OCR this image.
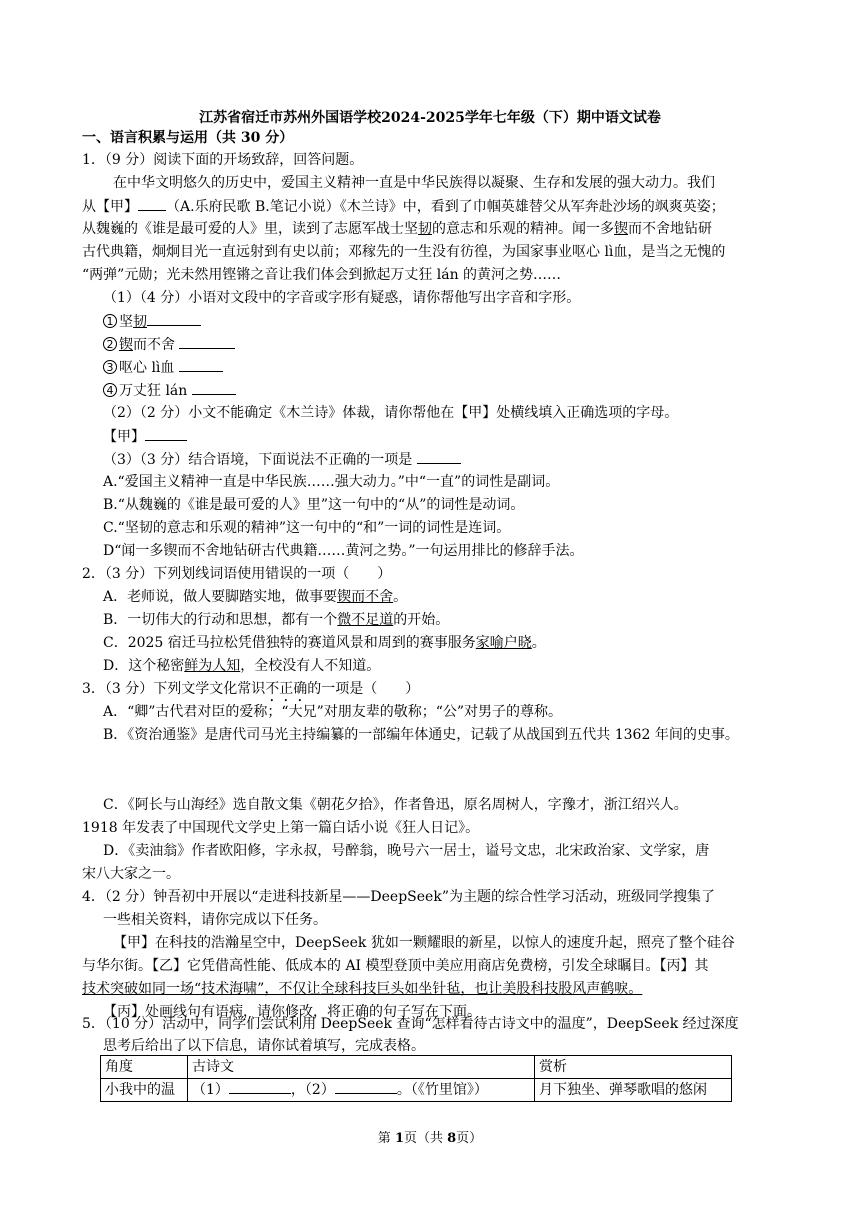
江苏省宿迁市苏州外国语学校2024-2025学年七年级（下）期中语文试卷
一、语言积累与运用（共 30 分）
1．（9 分）阅读下面的开场致辞，回答问题。
在中华文明悠久的历史中，爱国主义精神一直是中华民族得以凝聚、生存和发展的强大动力。我们
从【甲】 （A.乐府民歌 B.笔记小说）《木兰诗》中，看到了巾帼英雄替父从军奔赴沙场的飒爽英姿；
从魏巍的《谁是最可爱的人》里，读到了志愿军战士坚韧的意志和乐观的精神。闻一多锲而不舍地钻研
古代典籍，炯炯目光一直远射到有史以前；邓稼先的一生没有彷徨，为国家事业呕心 lì血，是当之无愧的
“两弹”元勋；光未然用铿锵之音让我们体会到掀起万丈狂 lán 的黄河之势……
（1）（4 分）小语对文段中的字音或字形有疑惑，请你帮他写出字音和字形。
1 坚韧
2 锲而不舍
3 呕心 lì血
4 万丈狂 lán
（2）（2 分）小文不能确定《木兰诗》体裁，请你帮他在【甲】处横线填入正确选项的字母。
【甲】
（3）（3 分）结合语境，下面说法不正确的一项是
A.“爱国主义精神一直是中华民族……强大动力。”中“一直”的词性是副词。
B.“从魏巍的《谁是最可爱的人》里”这一句中的“从”的词性是动词。
C.“坚韧的意志和乐观的精神”这一句中的“和”一词的词性是连词。
D“闻一多锲而不舍地钻研古代典籍……黄河之势。”一句运用排比的修辞手法。
2．（3 分）下列划线词语使用错误的一项（　　）
A．老师说，做人要脚踏实地，做事要锲而不舍。
B．一切伟大的行动和思想，都有一个微不足道的开始。
C．2025 宿迁马拉松凭借独特的赛道风景和周到的赛事服务家喻户晓。
D．这个秘密鲜为人知，全校没有人不知道。
3．（3 分）下列文学文化常识不正确的一项是（　　）
A．“卿”古代君对臣的爱称；“大兄”对朋友辈的敬称；“公”对男子的尊称。
B．《资治通鉴》是唐代司马光主持编纂的一部编年体通史，记载了从战国到五代共 1362 年间的史事。
C．《阿长与山海经》选自散文集《朝花夕拾》，作者鲁迅，原名周树人，字豫才，浙江绍兴人。
1918 年发表了中国现代文学史上第一篇白话小说《狂人日记》。
D．《卖油翁》作者欧阳修，字永叔，号醉翁，晚号六一居士，谥号文忠，北宋政治家、文学家，唐
宋八大家之一。
4．（2 分）钟吾初中开展以“走进科技新星——DeepSeek”为主题的综合性学习活动，班级同学搜集了
一些相关资料，请你完成以下任务。
【甲】在科技的浩瀚星空中，DeepSeek 犹如一颗耀眼的新星，以惊人的速度升起，照亮了整个硅谷
与华尔街。【乙】它凭借高性能、低成本的 AI 模型登顶中美应用商店免费榜，引发全球瞩目。【丙】其
技术突破如同一场“技术海啸”，不仅让全球科技巨头如坐针毡，也让美股科技股风声鹤唳。
【丙】处画线句有语病，请你修改，将正确的句子写在下面。
5．（10 分）活动中，同学们尝试利用 DeepSeek 查询“怎样看待古诗文中的温度”，DeepSeek 经过深度
角度	古诗文	赏析
小我中的温	（1） ，（2） 。（《竹里馆》）	月下独坐、弹琴歌唱的悠闲
第 1页（共 8页）
思考后给出了以下信息，请你试着填写，完成表格。
